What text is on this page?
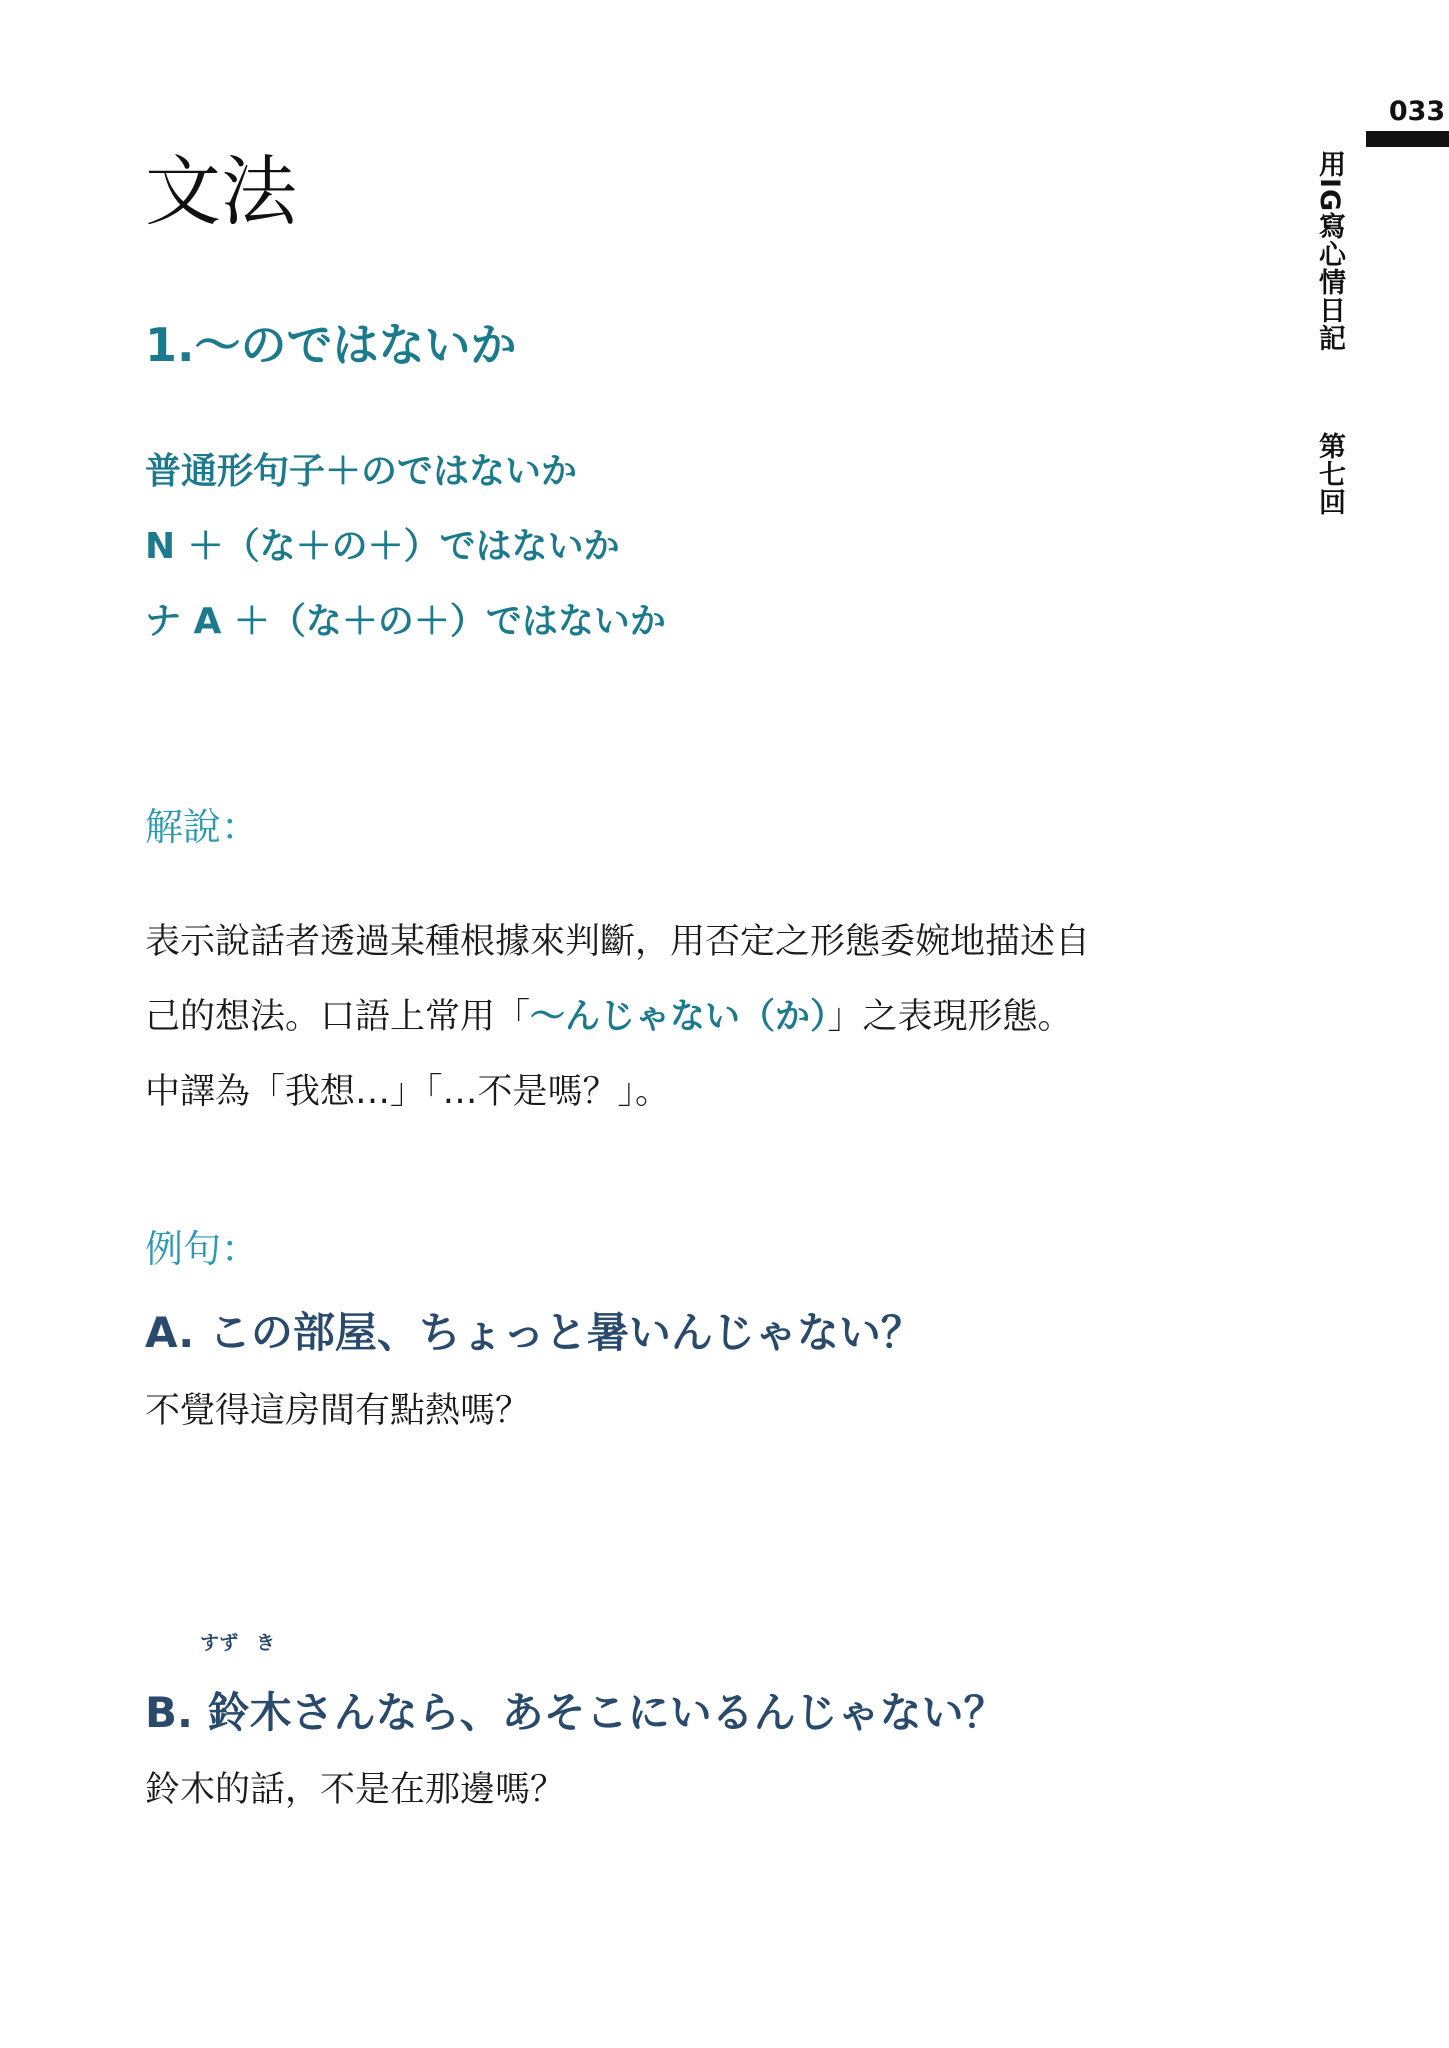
033
用IG寫心情日記第七回
文法
1.～のではないか
普通形句子＋のではないか
N ＋（な＋の＋）ではないか
ナ A ＋（な＋の＋）ではないか
解說：
表示說話者透過某種根據來判斷，用否定之形態委婉地描述自
己的想法。口語上常用「～んじゃない（か）」之表現形態。
中譯為「我想…」「…不是嗎？」。
例句：
A. この部屋、ちょっと暑いんじゃない？
不覺得這房間有點熱嗎？
すず き
B. 鈴木さんなら、あそこにいるんじゃない？
鈴木的話，不是在那邊嗎？
